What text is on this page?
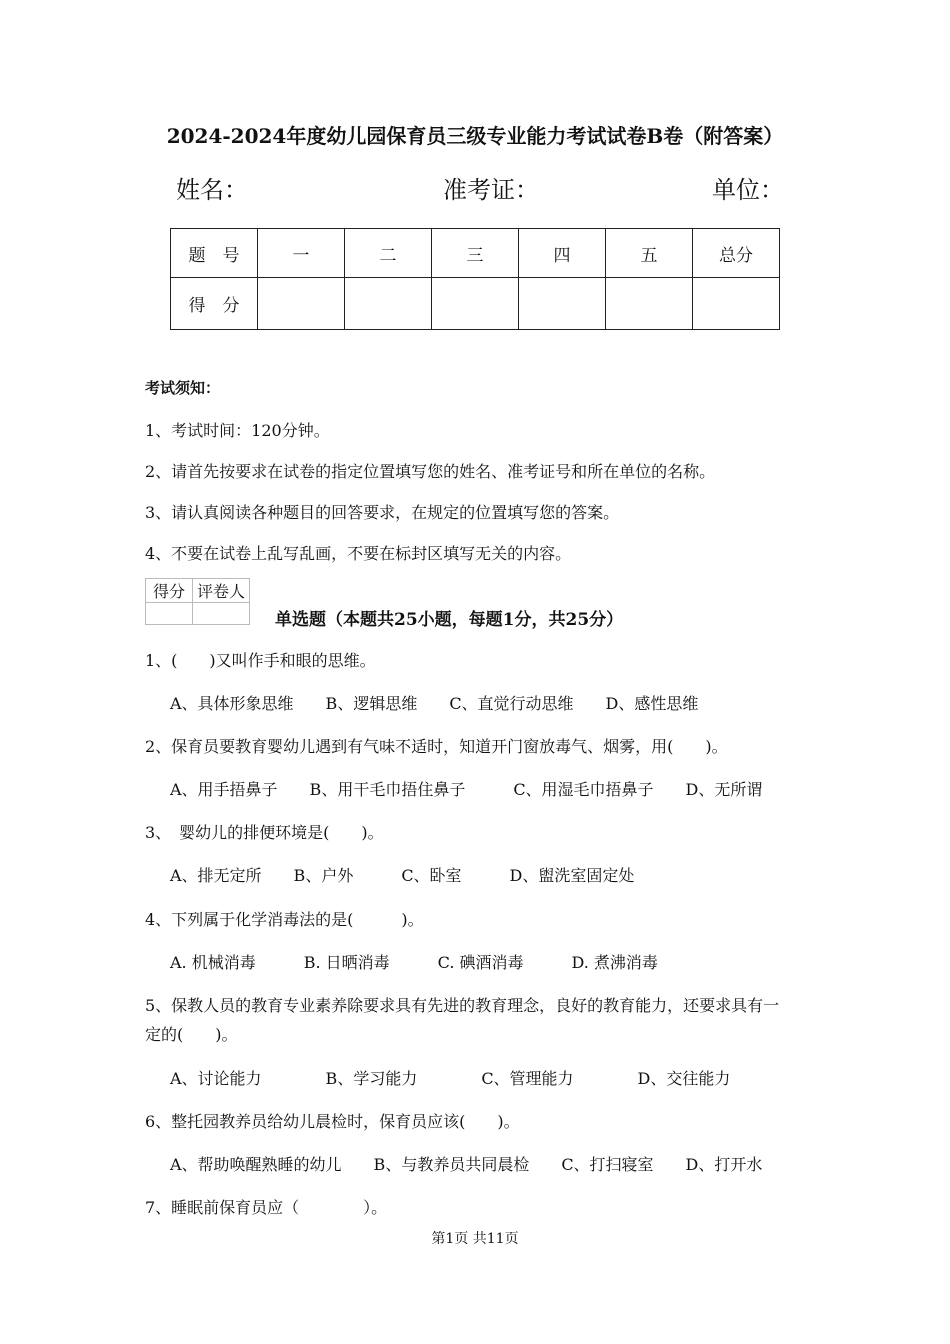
2024-2024年度幼儿园保育员三级专业能力考试试卷B卷（附答案）
姓名：	准考证：	单位：
题　号	一	二	三	四	五	总分
得　分						
考试须知：
1、考试时间：120分钟。
2、请首先按要求在试卷的指定位置填写您的姓名、准考证号和所在单位的名称。
3、请认真阅读各种题目的回答要求，在规定的位置填写您的答案。
4、不要在试卷上乱写乱画，不要在标封区填写无关的内容。
得分	评卷人

单选题（本题共25小题，每题1分，共25分）
1、(　　)又叫作手和眼的思维。
A、具体形象思维　　B、逻辑思维　　C、直觉行动思维　　D、感性思维
2、保育员要教育婴幼儿遇到有气味不适时，知道开门窗放毒气、烟雾，用(　　)。
A、用手捂鼻子　　B、用干毛巾捂住鼻子　　　C、用湿毛巾捂鼻子　　D、无所谓
3、　婴幼儿的排便环境是(　　)。
A、排无定所　　B、户外　　　C、卧室　　　D、盥洗室固定处
4、下列属于化学消毒法的是(　　　)。
A. 机械消毒　　　B. 日晒消毒　　　C. 碘酒消毒　　　D. 煮沸消毒
5、保教人员的教育专业素养除要求具有先进的教育理念，良好的教育能力，还要求具有一
定的(　　)。
A、讨论能力　　　　B、学习能力　　　　C、管理能力　　　　D、交往能力
6、整托园教养员给幼儿晨检时，保育员应该(　　)。
A、帮助唤醒熟睡的幼儿　　B、与教养员共同晨检　　C、打扫寝室　　D、打开水
7、睡眠前保育员应（　　　　）。
第1页 共11页
